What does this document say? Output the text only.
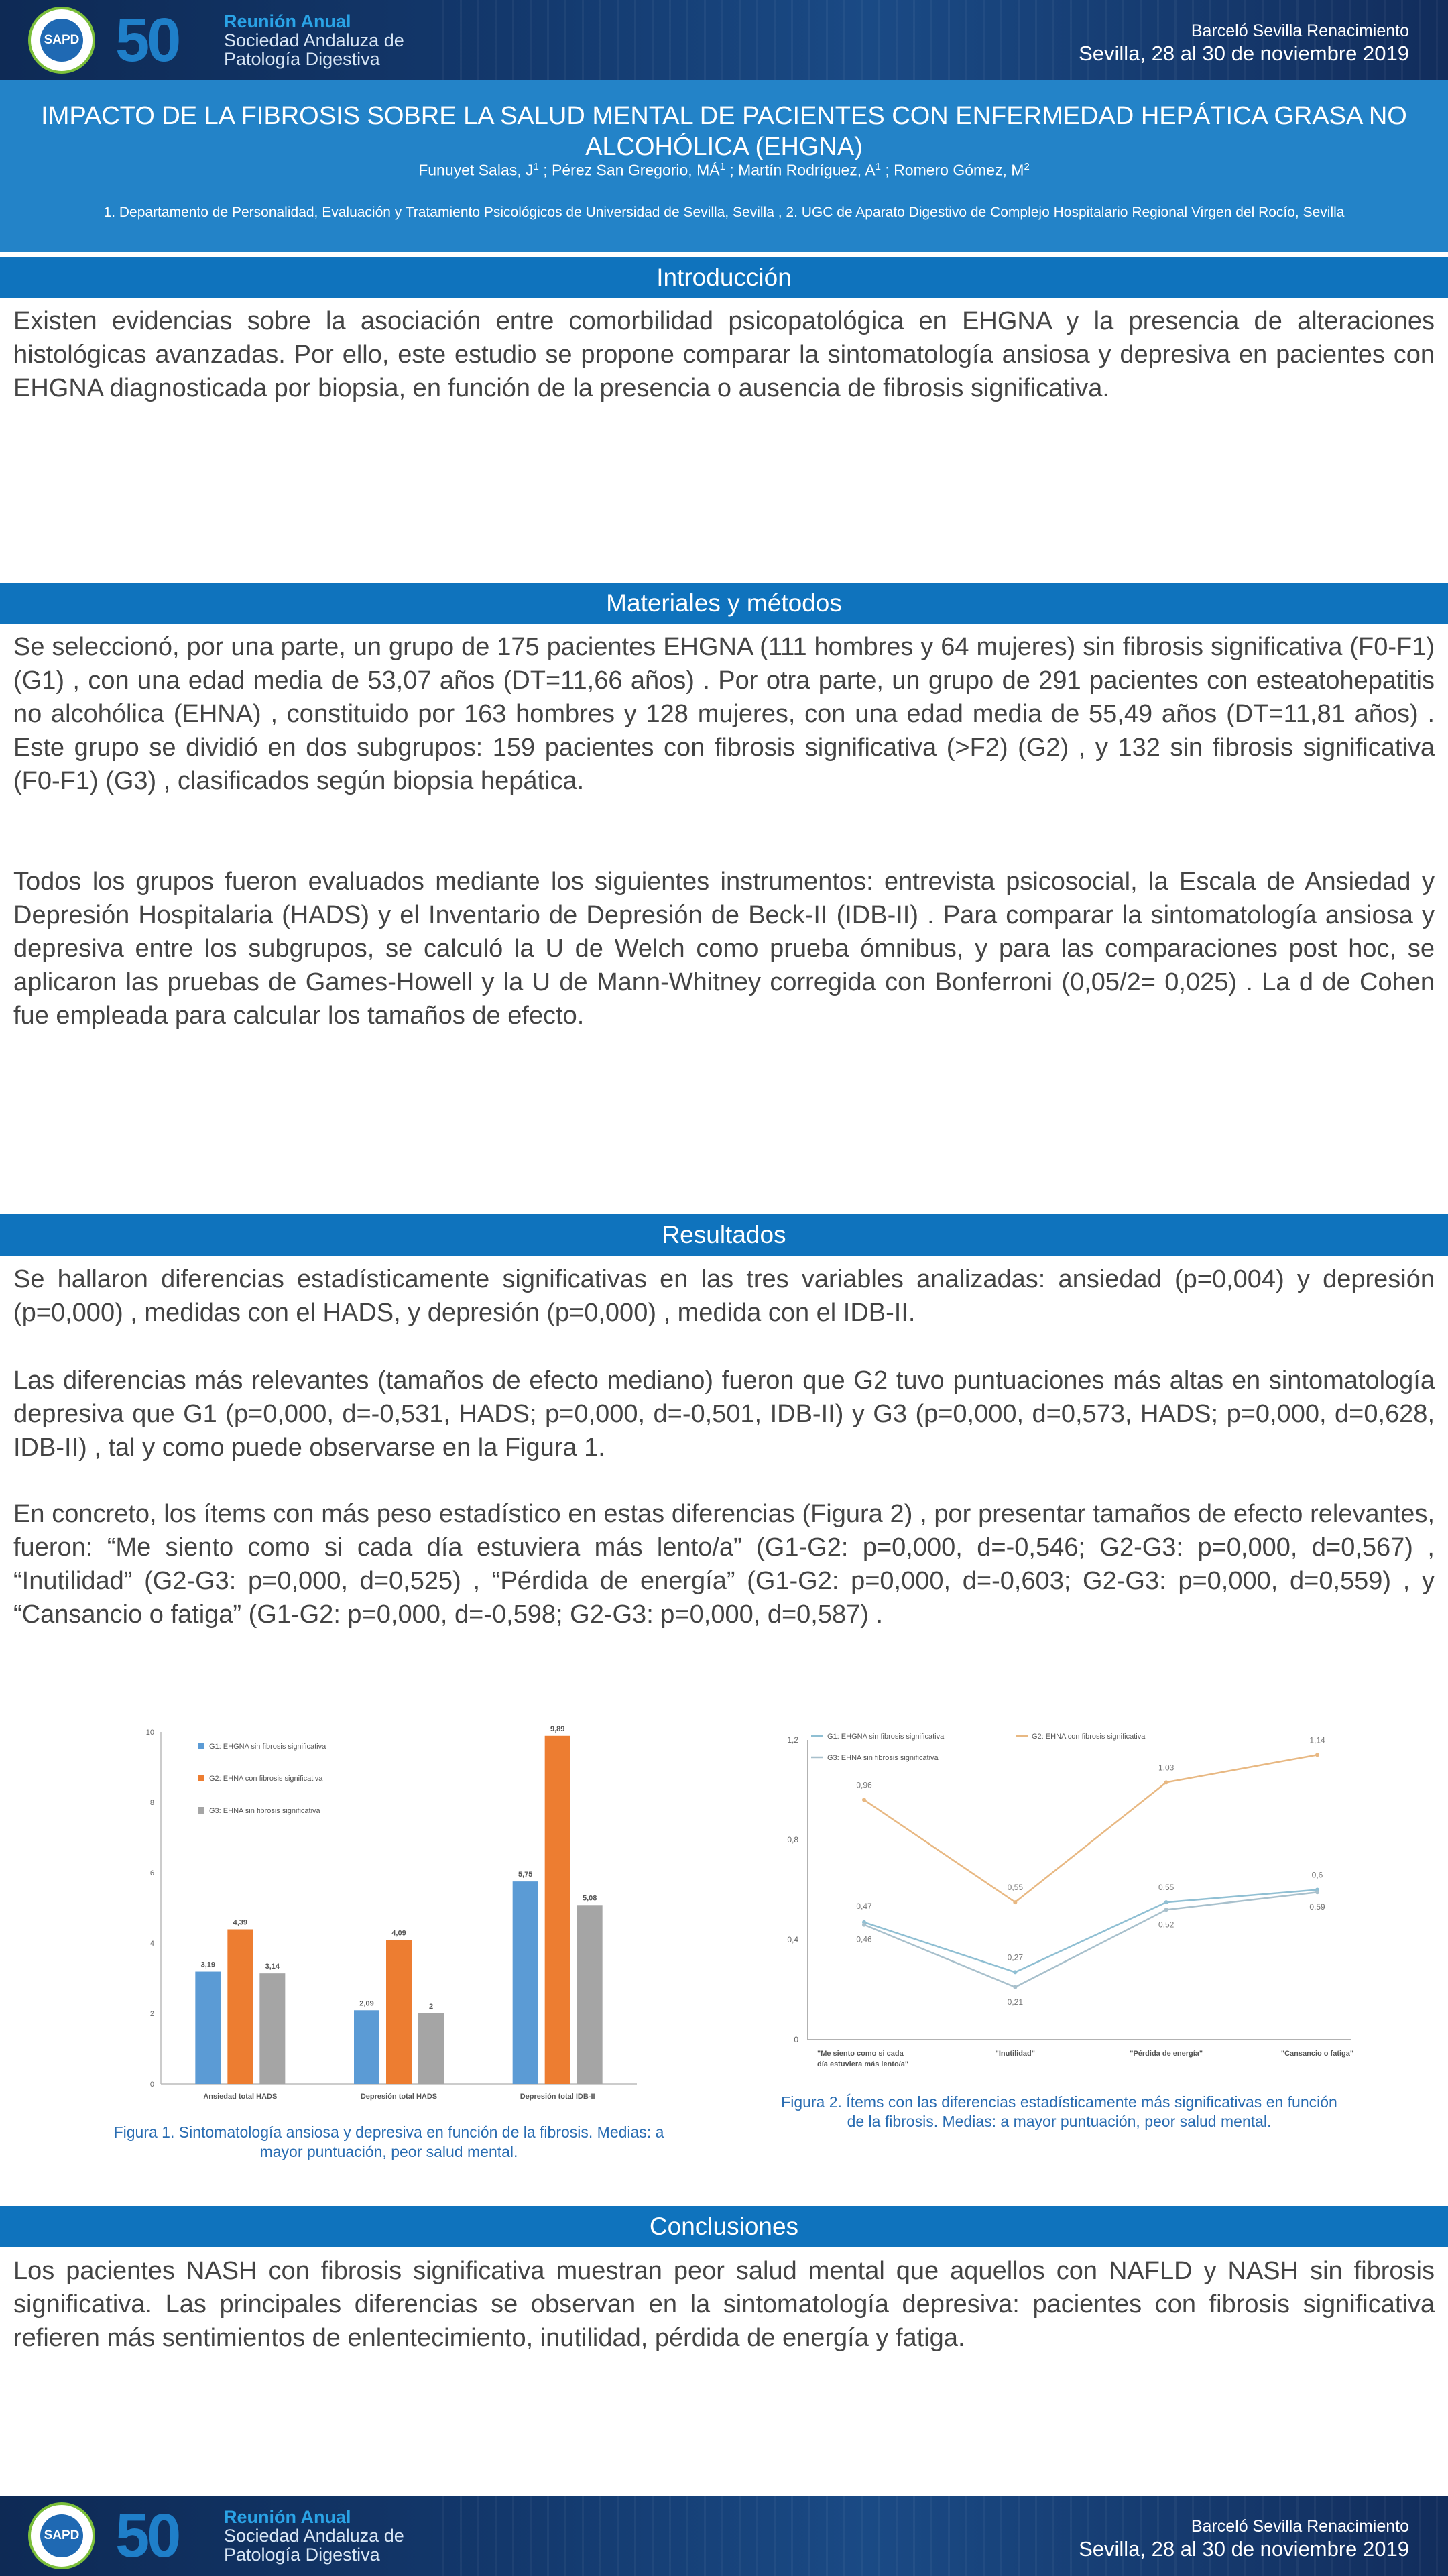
SAPD 50	Reunión Anual
Sociedad Andaluza de
Patología Digestiva
Barceló Sevilla Renacimiento
Sevilla, 28 al 30 de noviembre 2019
IMPACTO DE LA FIBROSIS SOBRE LA SALUD MENTAL DE PACIENTES CON ENFERMEDAD HEPÁTICA GRASA NO ALCOHÓLICA (EHGNA)
Funuyet Salas, $J^1$ ; Pérez San Gregorio, $MÁ^1$ ; Martín Rodríguez, $A^1$ ; Romero Gómez, $M^2$
1. Departamento de Personalidad, Evaluación y Tratamiento Psicológicos de Universidad de Sevilla, Sevilla , 2. UGC de Aparato Digestivo de Complejo Hospitalario Regional Virgen del Rocío, Sevilla
Introducción

Existen evidencias sobre la asociación entre comorbilidad psicopatológica en EHGNA y la presencia de alteraciones histológicas avanzadas. Por ello, este estudio se propone comparar la sintomatología ansiosa y depresiva en pacientes con EHGNA diagnosticada por biopsia, en función de la presencia o ausencia de fibrosis significativa.

Materiales y métodos

Se seleccionó, por una parte, un grupo de 175 pacientes EHGNA (111 hombres y 64 mujeres) sin fibrosis significativa (F0-F1) (G1) , con una edad media de 53,07 años (DT=11,66 años) . Por otra parte, un grupo de 291 pacientes con esteatohepatitis no alcohólica (EHNA) , constituido por 163 hombres y 128 mujeres, con una edad media de 55,49 años (DT=11,81 años) . Este grupo se dividió en dos subgrupos: 159 pacientes con fibrosis significativa (>F2) (G2) , y 132 sin fibrosis significativa (F0-F1) (G3) , clasificados según biopsia hepática.

Todos los grupos fueron evaluados mediante los siguientes instrumentos: entrevista psicosocial, la Escala de Ansiedad y Depresión Hospitalaria (HADS) y el Inventario de Depresión de Beck-II (IDB-II) . Para comparar la sintomatología ansiosa y depresiva entre los subgrupos, se calculó la U de Welch como prueba ómnibus, y para las comparaciones post hoc, se aplicaron las pruebas de Games-Howell y la U de Mann-Whitney corregida con Bonferroni (0,05/2= 0,025) . La d de Cohen fue empleada para calcular los tamaños de efecto.

Resultados

Se hallaron diferencias estadísticamente significativas en las tres variables analizadas: ansiedad (p=0,004) y depresión (p=0,000) , medidas con el HADS, y depresión (p=0,000) , medida con el IDB-II.

Las diferencias más relevantes (tamaños de efecto mediano) fueron que G2 tuvo puntuaciones más altas en sintomatología depresiva que G1 (p=0,000, d=-0,531, HADS; p=0,000, d=-0,501, IDB-II) y G3 (p=0,000, d=0,573, HADS; p=0,000, d=0,628, IDB-II) , tal y como puede observarse en la Figura 1.

En concreto, los ítems con más peso estadístico en estas diferencias (Figura 2) , por presentar tamaños de efecto relevantes, fueron: “Me siento como si cada día estuviera más lento/a” (G1-G2: p=0,000, d=-0,546; G2-G3: p=0,000, d=0,567) , “Inutilidad” (G2-G3: p=0,000, d=0,525) , “Pérdida de energía” (G1-G2: p=0,000, d=-0,603; G2-G3: p=0,000, d=0,559) , y “Cansancio o fatiga” (G1-G2: p=0,000, d=-0,598; G2-G3: p=0,000, d=0,587) .

0
2
4
6
8
10
3,19
4,39
3,14
Ansiedad total HADS
2,09
4,09
2
Depresión total HADS
5,75
9,89
5,08
Depresión total IDB-II
G1: EHGNA sin fibrosis significativa
G2: EHNA con fibrosis significativa
G3: EHNA sin fibrosis significativa
Figura 1. Sintomatología ansiosa y depresiva en función de la fibrosis. Medias: a mayor puntuación, peor salud mental.
0
0,4
0,8
1,2
"Me siento como si cada
día estuviera más lento/a"
"Inutilidad"	"Pérdida de energía"	"Cansancio o fatiga"
0,47
0,27
0,55
0,6
0,96
0,55
1,03
1,14
0,46
0,21
0,52
0,59
G1: EHGNA sin fibrosis significativa	G2: EHNA con fibrosis significativa
G3: EHNA sin fibrosis significativa
Figura 2. Ítems con las diferencias estadísticamente más significativas en función de la fibrosis. Medias: a mayor puntuación, peor salud mental.
Conclusiones

Los pacientes NASH con fibrosis significativa muestran peor salud mental que aquellos con NAFLD y NASH sin fibrosis significativa. Las principales diferencias se observan en la sintomatología depresiva: pacientes con fibrosis significativa refieren más sentimientos de enlentecimiento, inutilidad, pérdida de energía y fatiga.

SAPD 50	Reunión Anual
Sociedad Andaluza de
Patología Digestiva
Barceló Sevilla Renacimiento
Sevilla, 28 al 30 de noviembre 2019
